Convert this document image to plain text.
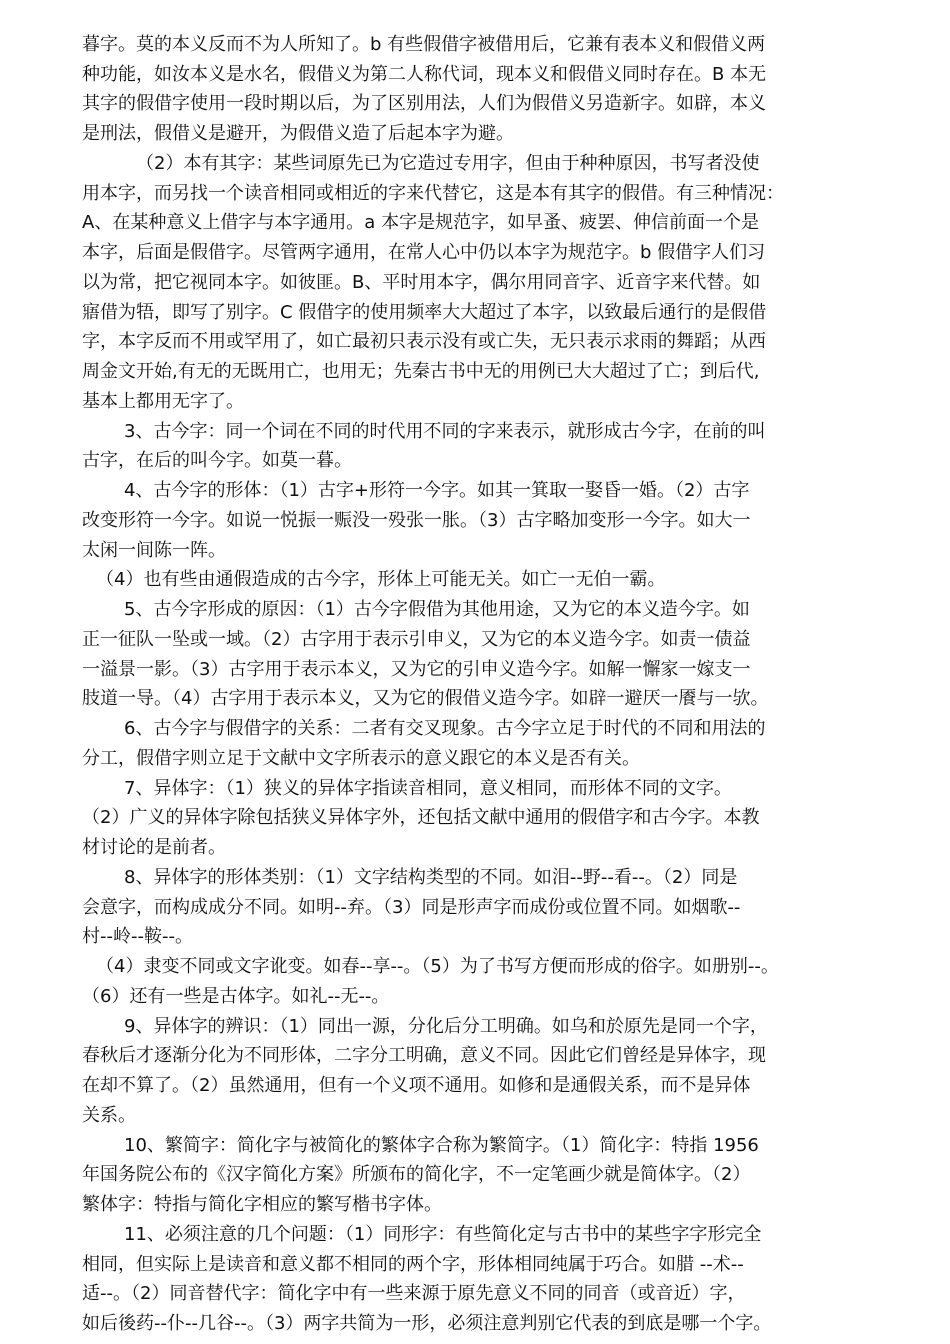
暮字。莫的本义反而不为人所知了。b 有些假借字被借用后，它兼有表本义和假借义两
种功能，如汝本义是水名，假借义为第二人称代词，现本义和假借义同时存在。B 本无
其字的假借字使用一段时期以后，为了区别用法，人们为假借义另造新字。如辟，本义
是刑法，假借义是避开，为假借义造了后起本字为避。
（2）本有其字：某些词原先已为它造过专用字，但由于种种原因，书写者没使
用本字，而另找一个读音相同或相近的字来代替它，这是本有其字的假借。有三种情况：
A、在某种意义上借字与本字通用。a 本字是规范字，如早蚤、疲罢、伸信前面一个是
本字，后面是假借字。尽管两字通用，在常人心中仍以本字为规范字。b 假借字人们习
以为常，把它视同本字。如彼匪。B、平时用本字，偶尔用同音字、近音字来代替。如
寤借为牾，即写了别字。C 假借字的使用频率大大超过了本字，以致最后通行的是假借
字，本字反而不用或罕用了，如亡最初只表示没有或亡失，无只表示求雨的舞蹈；从西
周金文开始,有无的无既用亡，也用无；先秦古书中无的用例已大大超过了亡；到后代,
基本上都用无字了。
3、古今字：同一个词在不同的时代用不同的字来表示，就形成古今字，在前的叫
古字，在后的叫今字。如莫一暮。
4、古今字的形体：（1）古字+形符一今字。如其一箕取一娶昏一婚。（2）古字
改变形符一今字。如说一悦振一赈没一殁张一胀。（3）古字略加变形一今字。如大一
太闲一间陈一阵。
（4）也有些由通假造成的古今字，形体上可能无关。如亡一无伯一霸。
5、古今字形成的原因：（1）古今字假借为其他用途，又为它的本义造今字。如
正一征队一坠或一域。（2）古字用于表示引申义，又为它的本义造今字。如责一债益
一溢景一影。（3）古字用于表示本义，又为它的引申义造今字。如解一懈家一嫁支一
肢道一导。（4）古字用于表示本义，又为它的假借义造今字。如辟一避厌一餍与一欤。
6、古今字与假借字的关系：二者有交叉现象。古今字立足于时代的不同和用法的
分工，假借字则立足于文献中文字所表示的意义跟它的本义是否有关。
7、异体字：（1）狭义的异体字指读音相同，意义相同，而形体不同的文字。
（2）广义的异体字除包括狭义异体字外，还包括文献中通用的假借字和古今字。本教
材讨论的是前者。
8、异体字的形体类别：（1）文字结构类型的不同。如泪--野--看--。（2）同是
会意字，而构成成分不同。如明--弃。（3）同是形声字而成份或位置不同。如烟歌--
村--岭--鞍--。
（4）隶变不同或文字讹变。如春--享--。（5）为了书写方便而形成的俗字。如册别--。
（6）还有一些是古体字。如礼--无--。
9、异体字的辨识：（1）同出一源，分化后分工明确。如乌和於原先是同一个字，
春秋后才逐渐分化为不同形体，二字分工明确，意义不同。因此它们曾经是异体字，现
在却不算了。（2）虽然通用，但有一个义项不通用。如修和是通假关系，而不是异体
关系。
10、繁简字：简化字与被简化的繁体字合称为繁简字。（1）简化字：特指 1956
年国务院公布的《汉字简化方案》所颁布的简化字，不一定笔画少就是简体字。（2）
繁体字：特指与简化字相应的繁写楷书字体。
11、必须注意的几个问题：（1）同形字：有些简化定与古书中的某些字字形完全
相同，但实际上是读音和意义都不相同的两个字，形体相同纯属于巧合。如腊 --术--
适--。（2）同音替代字：简化字中有一些来源于原先意义不同的同音（或音近）字，
如后後药--仆--几谷--。（3）两字共简为一形，必须注意判别它代表的到底是哪一个字。
